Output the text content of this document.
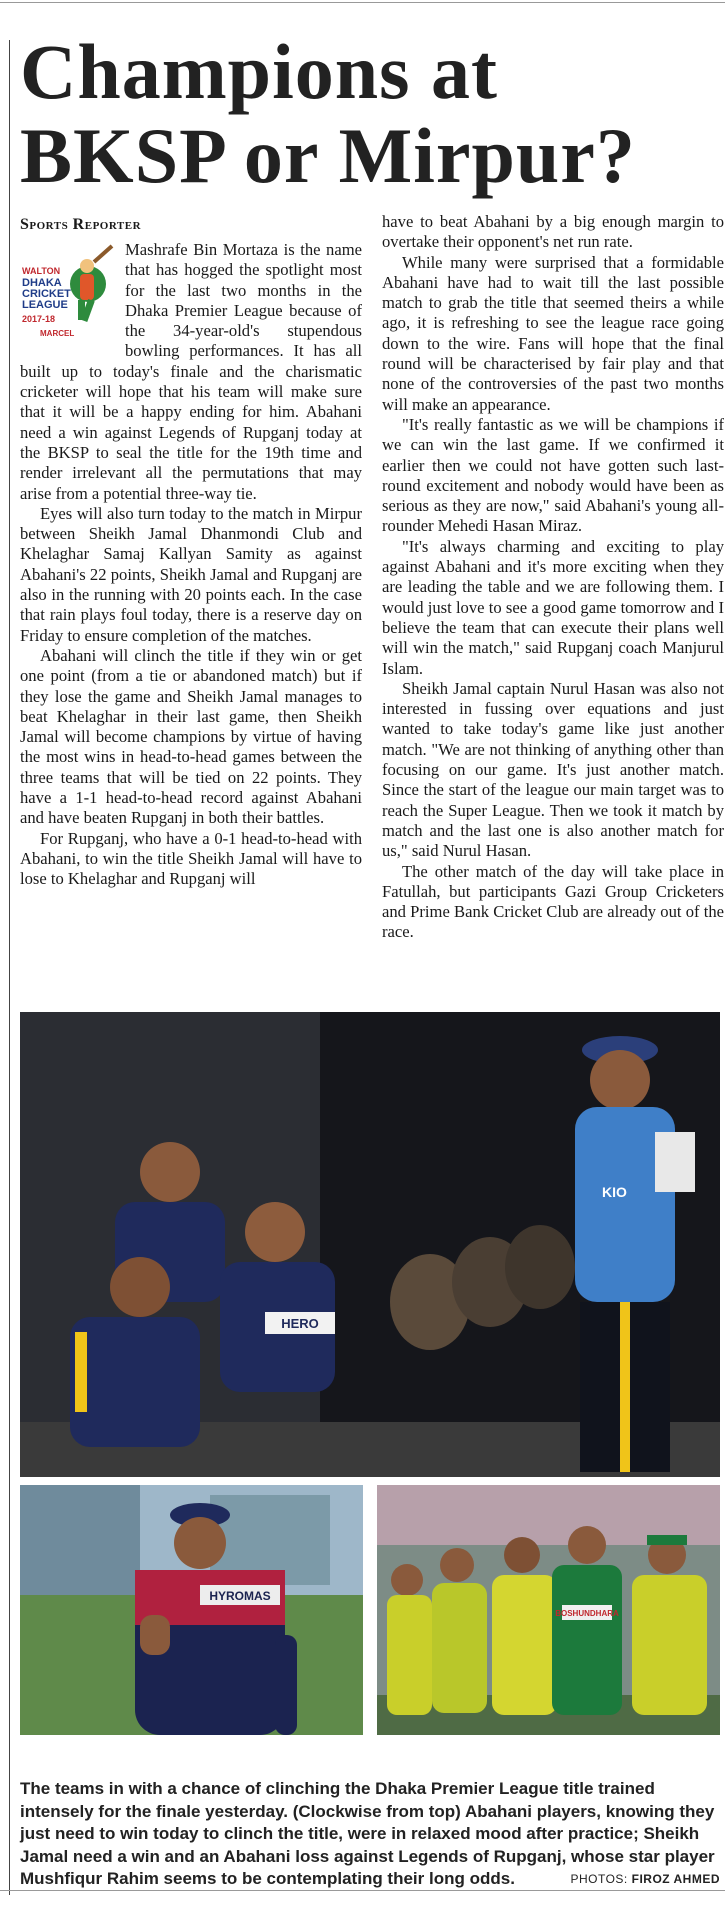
Champions at BKSP or Mirpur?
Sports Reporter
WALTON
DHAKA CRICKET LEAGUE
2017-18
MARCEL

Mashrafe Bin Mortaza is the name that has hogged the spotlight most for the last two months in the Dhaka Premier League because of the 34-year-old's stupendous bowling performances. It has all built up to today's finale and the charismatic cricketer will hope that his team will make sure that it will be a happy ending for him. Abahani need a win against Legends of Rupganj today at the BKSP to seal the title for the 19th time and render irrelevant all the permutations that may arise from a potential three-way tie.

Eyes will also turn today to the match in Mirpur between Sheikh Jamal Dhanmondi Club and Khelaghar Samaj Kallyan Samity as against Abahani's 22 points, Sheikh Jamal and Rupganj are also in the running with 20 points each. In the case that rain plays foul today, there is a reserve day on Friday to ensure completion of the matches.

Abahani will clinch the title if they win or get one point (from a tie or abandoned match) but if they lose the game and Sheikh Jamal manages to beat Khelaghar in their last game, then Sheikh Jamal will become champions by virtue of having the most wins in head-to-head games between the three teams that will be tied on 22 points. They have a 1-1 head-to-head record against Abahani and have beaten Rupganj in both their battles.

For Rupganj, who have a 0-1 head-to-head with Abahani, to win the title Sheikh Jamal will have to lose to Khelaghar and Rupganj will

have to beat Abahani by a big enough margin to overtake their opponent's net run rate.

While many were surprised that a formidable Abahani have had to wait till the last possible match to grab the title that seemed theirs a while ago, it is refreshing to see the league race going down to the wire. Fans will hope that the final round will be characterised by fair play and that none of the controversies of the past two months will make an appearance.

"It's really fantastic as we will be champions if we can win the last game. If we confirmed it earlier then we could not have gotten such last-round excitement and nobody would have been as serious as they are now," said Abahani's young all-rounder Mehedi Hasan Miraz.

"It's always charming and exciting to play against Abahani and it's more exciting when they are leading the table and we are following them. I would just love to see a good game tomorrow and I believe the team that can execute their plans well will win the match," said Rupganj coach Manjurul Islam.

Sheikh Jamal captain Nurul Hasan was also not interested in fussing over equations and just wanted to take today's game like just another match. "We are not thinking of anything other than focusing on our game. It's just another match. Since the start of the league our main target was to reach the Super League. Then we took it match by match and the last one is also another match for us," said Nurul Hasan.

The other match of the day will take place in Fatullah, but participants Gazi Group Cricketers and Prime Bank Cricket Club are already out of the race.

HERO
KIO
HYROMAS
BOSHUNDHARA
The teams in with a chance of clinching the Dhaka Premier League title trained intensely for the finale yesterday. (Clockwise from top) Abahani players, knowing they just need to win today to clinch the title, were in relaxed mood after practice; Sheikh Jamal need a win and an Abahani loss against Legends of Rupganj, whose star player Mushfiqur Rahim seems to be contemplating their long odds.	PHOTOS: FIROZ AHMED
